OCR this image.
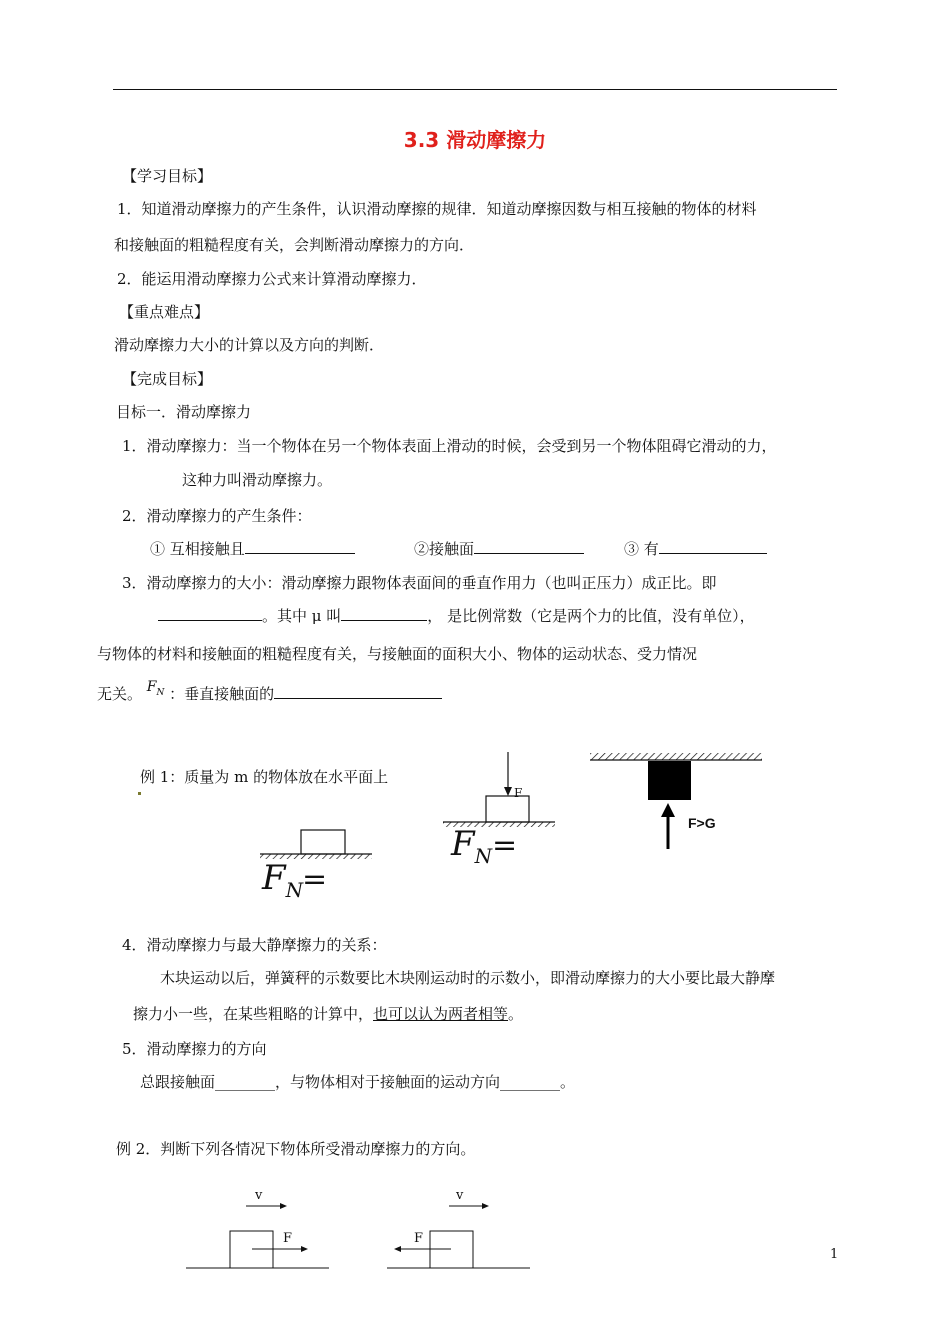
3.3 滑动摩擦力
【学习目标】
1．知道滑动摩擦力的产生条件，认识滑动摩擦的规律．知道动摩擦因数与相互接触的物体的材料
和接触面的粗糙程度有关，会判断滑动摩擦力的方向．
2．能运用滑动摩擦力公式来计算滑动摩擦力．
【重点难点】
滑动摩擦力大小的计算以及方向的判断．
【完成目标】
目标一．滑动摩擦力
1．滑动摩擦力：当一个物体在另一个物体表面上滑动的时候，会受到另一个物体阻碍它滑动的力，
这种力叫滑动摩擦力。
2．滑动摩擦力的产生条件：
① 互相接触且	②接触面	③ 有
3．滑动摩擦力的大小：滑动摩擦力跟物体表面间的垂直作用力（也叫正压力）成正比。即
。其中 μ 叫	， 是比例常数（它是两个力的比值，没有单位），
与物体的材料和接触面的粗糙程度有关，与接触面的面积大小、物体的运动状态、受力情况
无关。 $F_N$ ：垂直接触面的
例 1：质量为 m 的物体放在水平面上
$F_N$
=
F
$F_N$ =
F>G
4．滑动摩擦力与最大静摩擦力的关系：
木块运动以后，弹簧秤的示数要比木块刚运动时的示数小，即滑动摩擦力的大小要比最大静摩
擦力小一些，在某些粗略的计算中，也可以认为两者相等。
5．滑动摩擦力的方向
总跟接触面________，与物体相对于接触面的运动方向________。
例 2．判断下列各情况下物体所受滑动摩擦力的方向。
v
F
v
F
1
